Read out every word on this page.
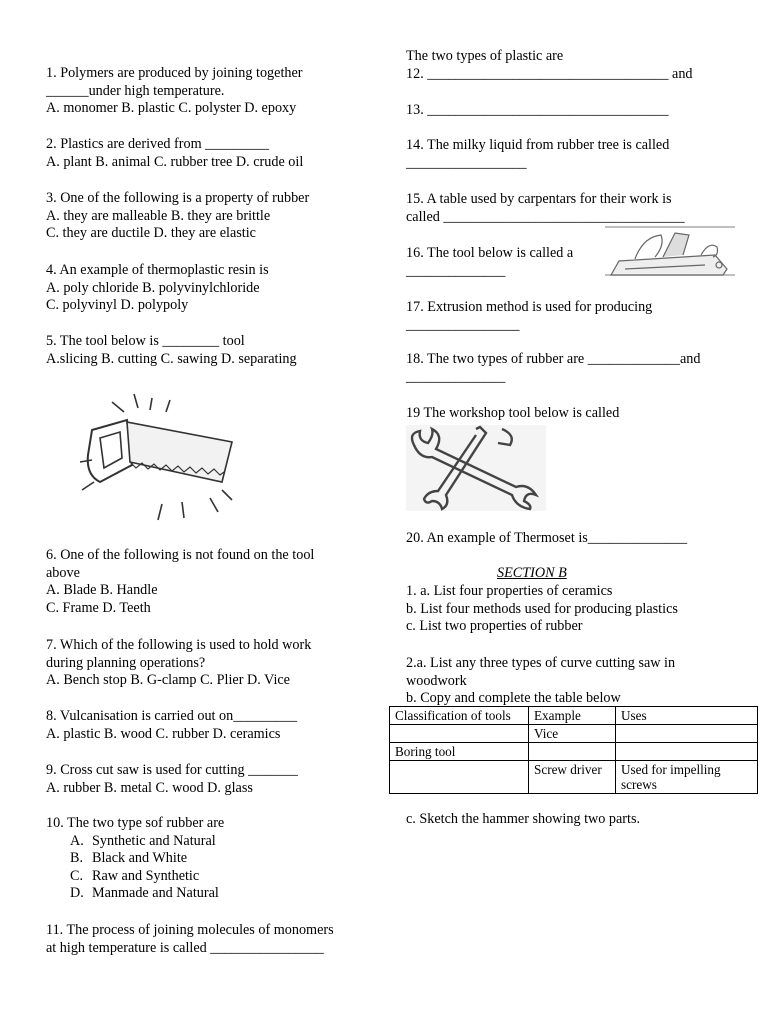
1. Polymers are produced by joining together
______under high temperature.
A. monomer B. plastic C. polyster D. epoxy
2. Plastics are derived from _________
A. plant B. animal C. rubber tree D. crude oil
3. One of the following is a property of rubber
A. they are malleable B. they are brittle
C. they are ductile D. they are elastic
4. An example of thermoplastic resin is
A. poly chloride B. polyvinylchloride
C. polyvinyl D. polypoly
5. The tool below is ________ tool
A.slicing B. cutting C. sawing D. separating
6. One of the following is not found on the tool
above
A. Blade B. Handle
C. Frame D. Teeth
7. Which of the following is used to hold work
during planning operations?
A. Bench stop B. G-clamp C. Plier D. Vice
8. Vulcanisation is carried out on_________
A. plastic B. wood C. rubber D. ceramics
9. Cross cut saw is used for cutting _______
A. rubber B. metal C. wood D. glass
10. The two type sof rubber are
A. Synthetic and Natural
B. Black and White
C. Raw and Synthetic
D. Manmade and Natural
11. The process of joining molecules of monomers
at high temperature is called ________________
The two types of plastic are
12. __________________________________ and
13. __________________________________
14. The milky liquid from rubber tree is called
_________________
15. A table used by carpentars for their work is
called __________________________________
16. The tool below is called a
______________
17. Extrusion method is used for producing
________________
18. The two types of rubber are _____________and
______________
19 The workshop tool below is called
20. An example of Thermoset is______________
SECTION B
1. a. List four properties of ceramics
b. List four methods used for producing plastics
c. List two properties of rubber
2.a. List any three types of curve cutting saw in
woodwork
b. Copy and complete the table below
Classification of tools	Example	Uses
	Vice	
Boring tool		
	Screw driver	Used for impelling screws
c. Sketch the hammer showing two parts.
